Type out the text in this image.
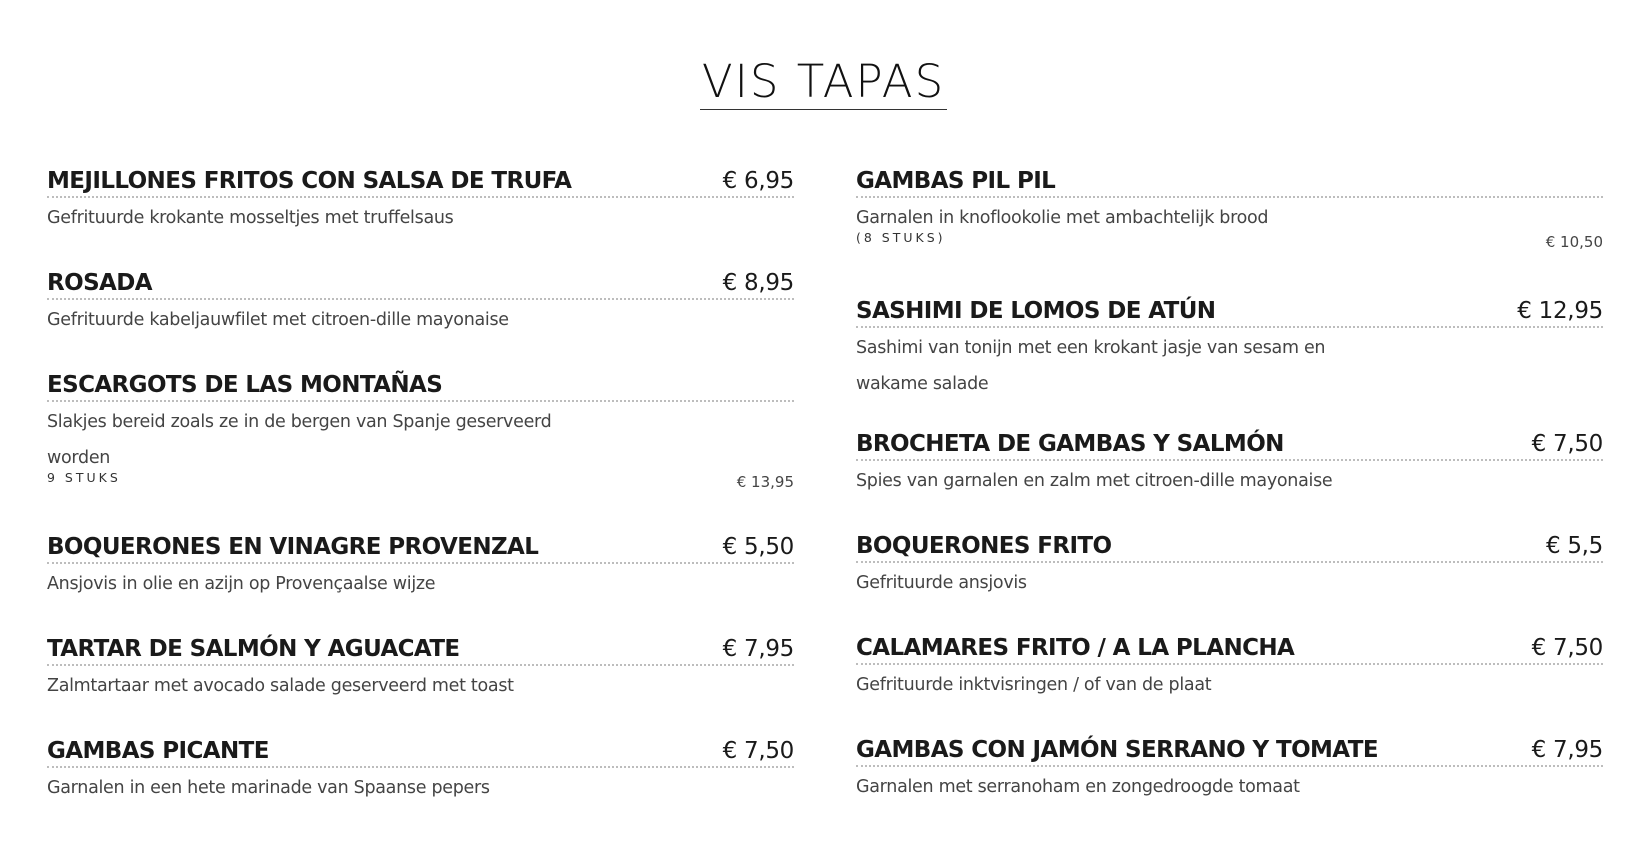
VIS TAPAS
MEJILLONES FRITOS CON SALSA DE TRUFA	€ 6,95
Gefrituurde krokante mosseltjes met truffelsaus
ROSADA	€ 8,95
Gefrituurde kabeljauwfilet met citroen-dille mayonaise
ESCARGOTS DE LAS MONTAÑAS
Slakjes bereid zoals ze in de bergen van Spanje geserveerd worden
9 STUKS	€ 13,95
BOQUERONES EN VINAGRE PROVENZAL	€ 5,50
Ansjovis in olie en azijn op Provençaalse wijze
TARTAR DE SALMÓN Y AGUACATE	€ 7,95
Zalmtartaar met avocado salade geserveerd met toast
GAMBAS PICANTE	€ 7,50
Garnalen in een hete marinade van Spaanse pepers
GAMBAS PIL PIL
Garnalen in knoflookolie met ambachtelijk brood
(8 STUKS)	€ 10,50
SASHIMI DE LOMOS DE ATÚN	€ 12,95
Sashimi van tonijn met een krokant jasje van sesam en wakame salade
BROCHETA DE GAMBAS Y SALMÓN	€ 7,50
Spies van garnalen en zalm met citroen-dille mayonaise
BOQUERONES FRITO	€ 5,5
Gefrituurde ansjovis
CALAMARES FRITO / A LA PLANCHA	€ 7,50
Gefrituurde inktvisringen / of van de plaat
GAMBAS CON JAMÓN SERRANO Y TOMATE	€ 7,95
Garnalen met serranoham en zongedroogde tomaat
